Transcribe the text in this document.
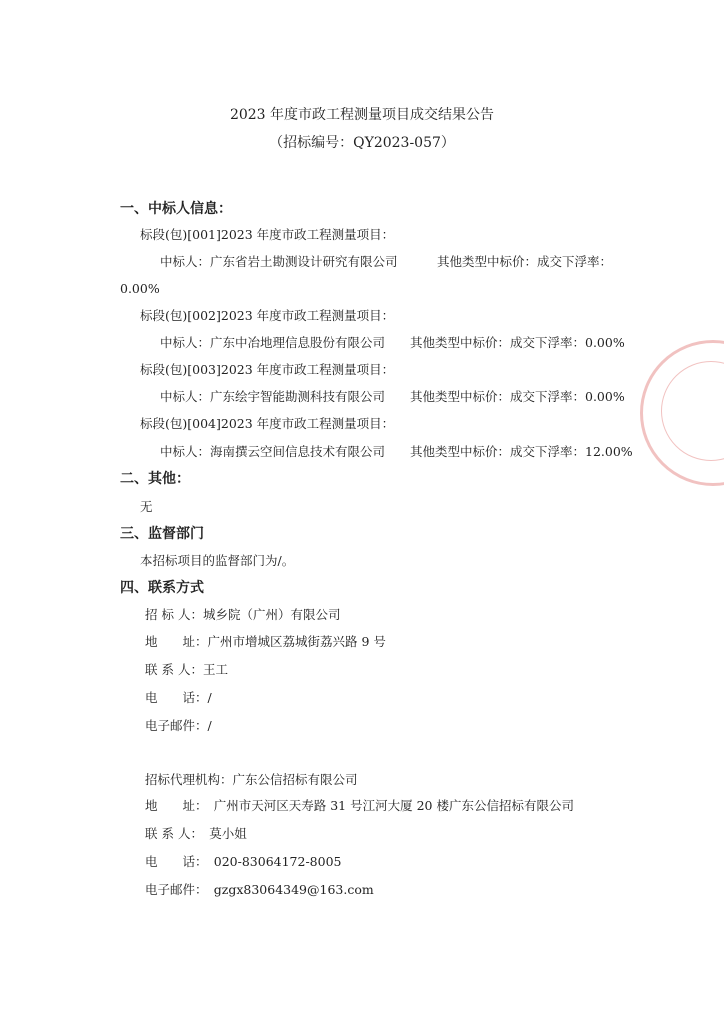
2023 年度市政工程测量项目成交结果公告
（招标编号：QY2023-057）
一、中标人信息：
标段(包)[001]2023 年度市政工程测量项目：
中标人：广东省岩土勘测设计研究有限公司	其他类型中标价：成交下浮率：
0.00%
标段(包)[002]2023 年度市政工程测量项目：
中标人：广东中冶地理信息股份有限公司 其他类型中标价：成交下浮率：0.00%
标段(包)[003]2023 年度市政工程测量项目：
中标人：广东绘宇智能勘测科技有限公司 其他类型中标价：成交下浮率：0.00%
标段(包)[004]2023 年度市政工程测量项目：
中标人：海南撰云空间信息技术有限公司 其他类型中标价：成交下浮率：12.00%
二、其他：
无
三、监督部门
本招标项目的监督部门为/。
四、联系方式
招 标 人：城乡院（广州）有限公司
地　　址：广州市增城区荔城街荔兴路 9 号
联 系 人：王工
电　　话：/
电子邮件：/
招标代理机构：广东公信招标有限公司
地　　址：　广州市天河区天寿路 31 号江河大厦 20 楼广东公信招标有限公司
联 系 人：　莫小姐
电　　话：　020-83064172-8005
电子邮件：　gzgx83064349@163.com
